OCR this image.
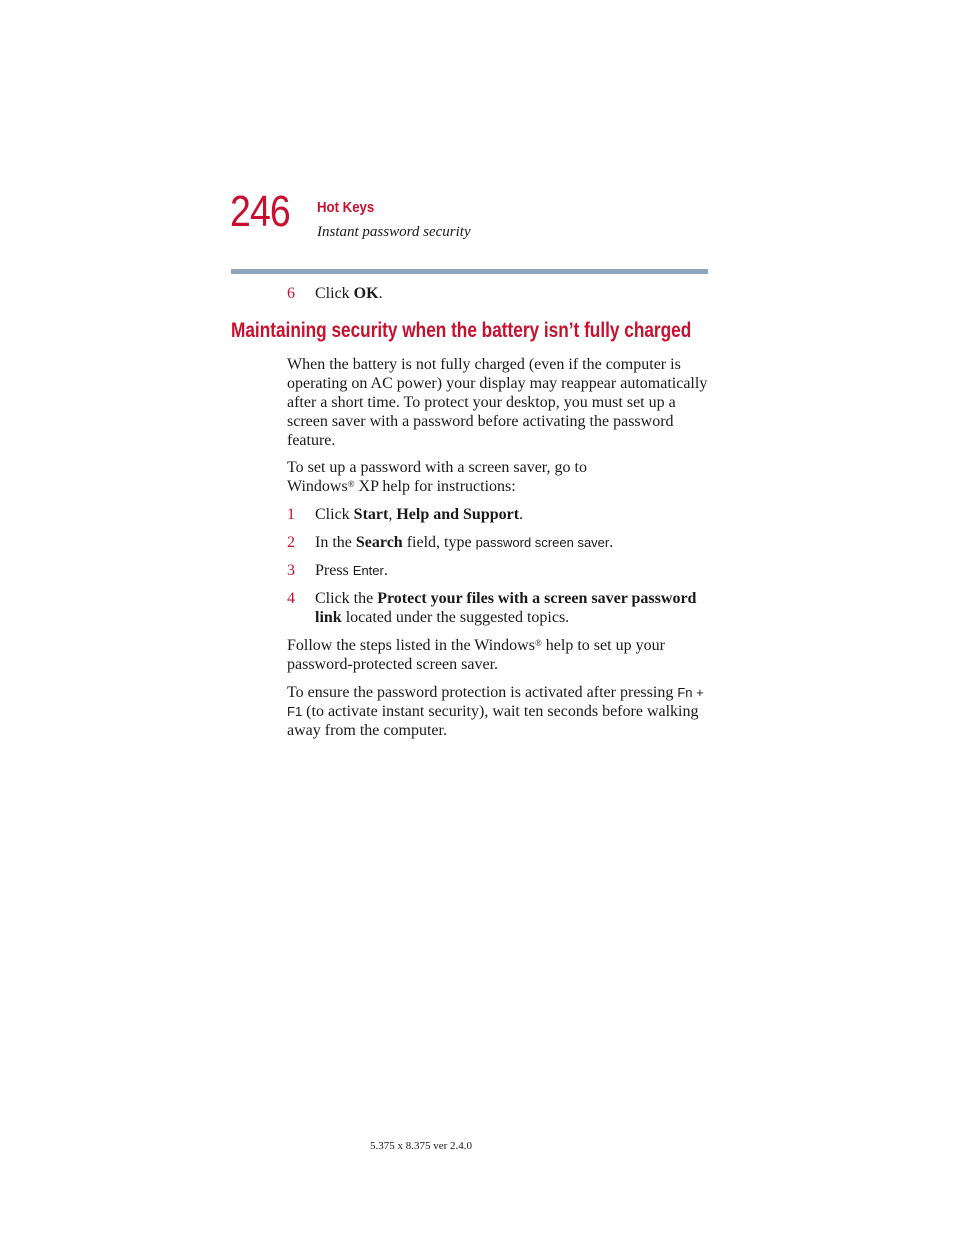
246 Hot Keys
Instant password security
6 Click OK.
Maintaining security when the battery isn’t fully charged
When the battery is not fully charged (even if the computer is operating on AC power) your display may reappear automatically after a short time. To protect your desktop, you must set up a screen saver with a password before activating the password feature.
To set up a password with a screen saver, go to
Windows® XP help for instructions:
1 Click Start, Help and Support.
2 In the Search field, type password screen saver.
3 Press Enter.
4 Click the Protect your files with a screen saver password link located under the suggested topics.
Follow the steps listed in the Windows® help to set up your password-protected screen saver.
To ensure the password protection is activated after pressing Fn + F1 (to activate instant security), wait ten seconds before walking away from the computer.
5.375 x 8.375 ver 2.4.0
